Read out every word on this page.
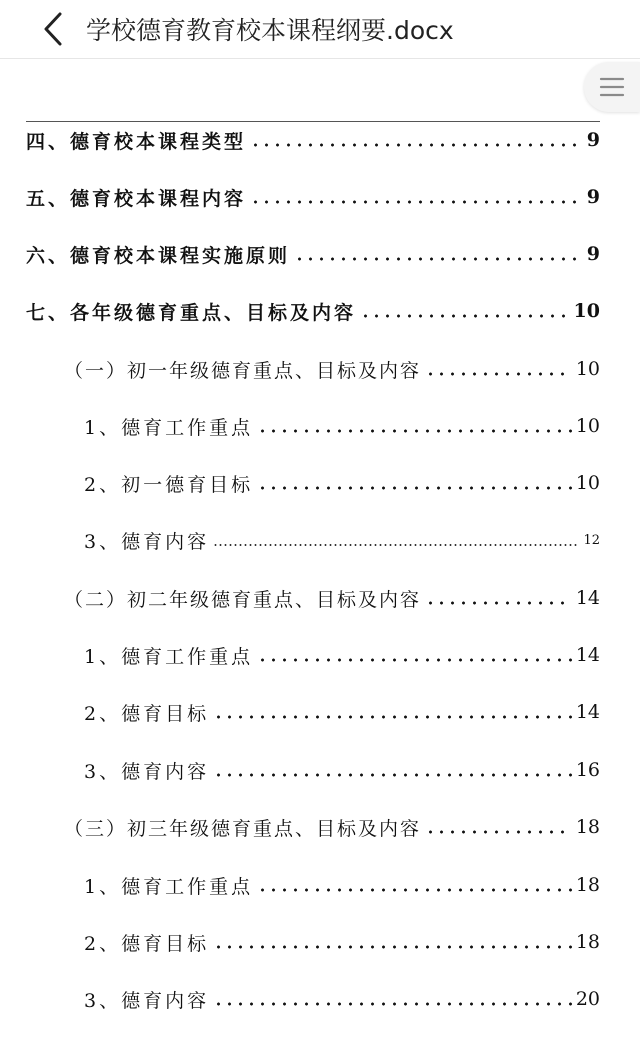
学校德育教育校本课程纲要.docx
四、德育校本课程类型	9
五、德育校本课程内容	9
六、德育校本课程实施原则	9
七、各年级德育重点、目标及内容	10
（一）初一年级德育重点、目标及内容	10
1、德育工作重点	10
2、初一德育目标	10
3、德育内容	12
（二）初二年级德育重点、目标及内容	14
1、德育工作重点	14
2、德育目标	14
3、德育内容	16
（三）初三年级德育重点、目标及内容	18
1、德育工作重点	18
2、德育目标	18
3、德育内容	20
